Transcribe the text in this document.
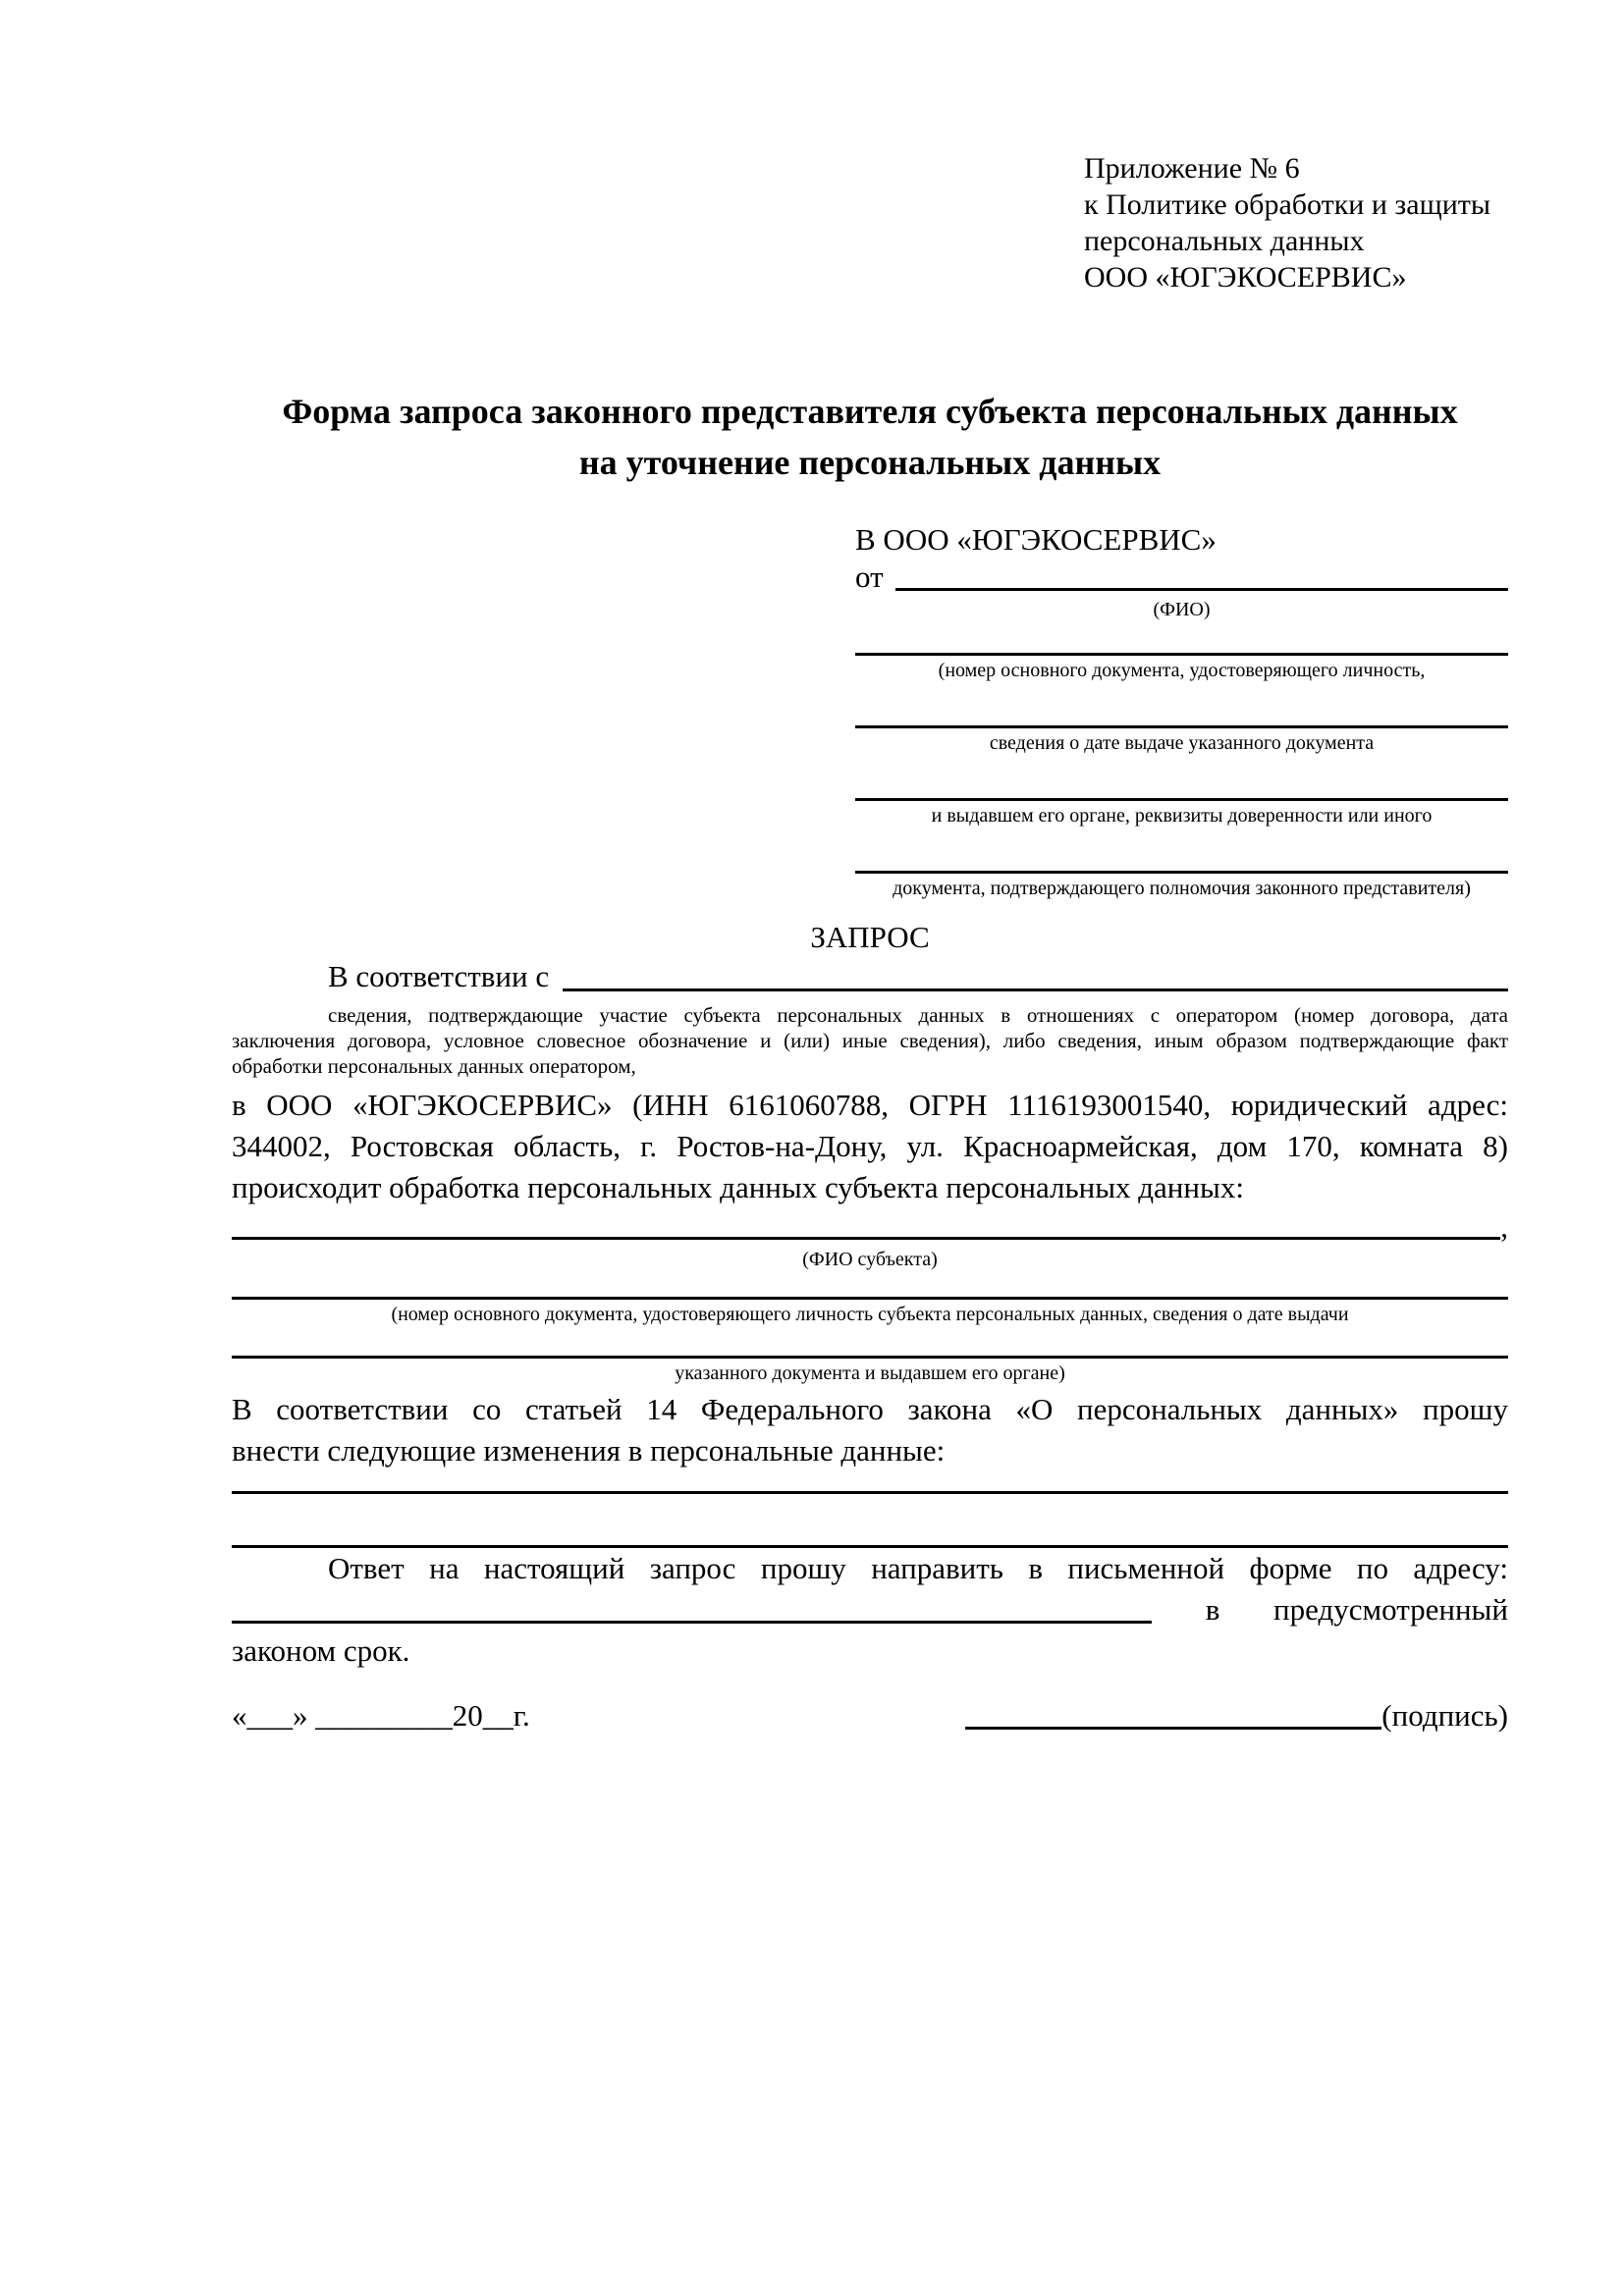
Приложение № 6
к Политике обработки и защиты
персональных данных
ООО «ЮГЭКОСЕРВИС»
Форма запроса законного представителя субъекта персональных данных
на уточнение персональных данных
В ООО «ЮГЭКОСЕРВИС»
от
(ФИО)
(номер основного документа, удостоверяющего личность,
сведения о дате выдаче указанного документа
и выдавшем его органе, реквизиты доверенности или иного
документа, подтверждающего полномочия законного представителя)
ЗАПРОС
В соответствии с
сведения, подтверждающие участие субъекта персональных данных в отношениях с оператором (номер договора, дата
заключения договора, условное словесное обозначение и (или) иные сведения), либо сведения, иным образом подтверждающие факт
обработки персональных данных оператором,
в ООО «ЮГЭКОСЕРВИС» (ИНН 6161060788, ОГРН 1116193001540, юридический адрес:
344002, Ростовская область, г. Ростов-на-Дону, ул. Красноармейская, дом 170, комната 8)
происходит обработка персональных данных субъекта персональных данных:
,
(ФИО субъекта)
(номер основного документа, удостоверяющего личность субъекта персональных данных, сведения о дате выдачи
указанного документа и выдавшем его органе)
В соответствии со статьей 14 Федерального закона «О персональных данных» прошу
внести следующие изменения в персональные данные:
Ответ на настоящий запрос прошу направить в письменной форме по адресу:
в предусмотренный
законом срок.
«___» _________20__г.	(подпись)
